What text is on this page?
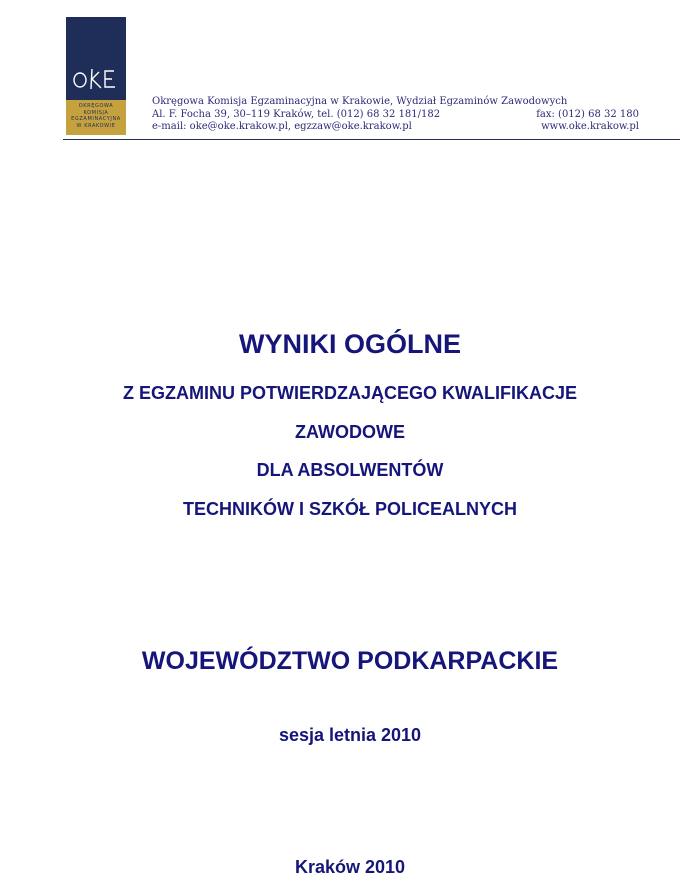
OKRĘGOWA
KOMISJA
EGZAMINACYJNA
W KRAKOWIE
Okręgowa Komisja Egzaminacyjna w Krakowie, Wydział Egzaminów Zawodowych
Al. F. Focha 39, 30–119 Kraków, tel. (012) 68 32 181/182	fax: (012) 68 32 180
e-mail: oke@oke.krakow.pl, egzzaw@oke.krakow.pl	www.oke.krakow.pl
WYNIKI OGÓLNE
Z EGZAMINU POTWIERDZAJĄCEGO KWALIFIKACJE
ZAWODOWE
DLA ABSOLWENTÓW
TECHNIKÓW I SZKÓŁ POLICEALNYCH
WOJEWÓDZTWO PODKARPACKIE
sesja letnia 2010
Kraków 2010
